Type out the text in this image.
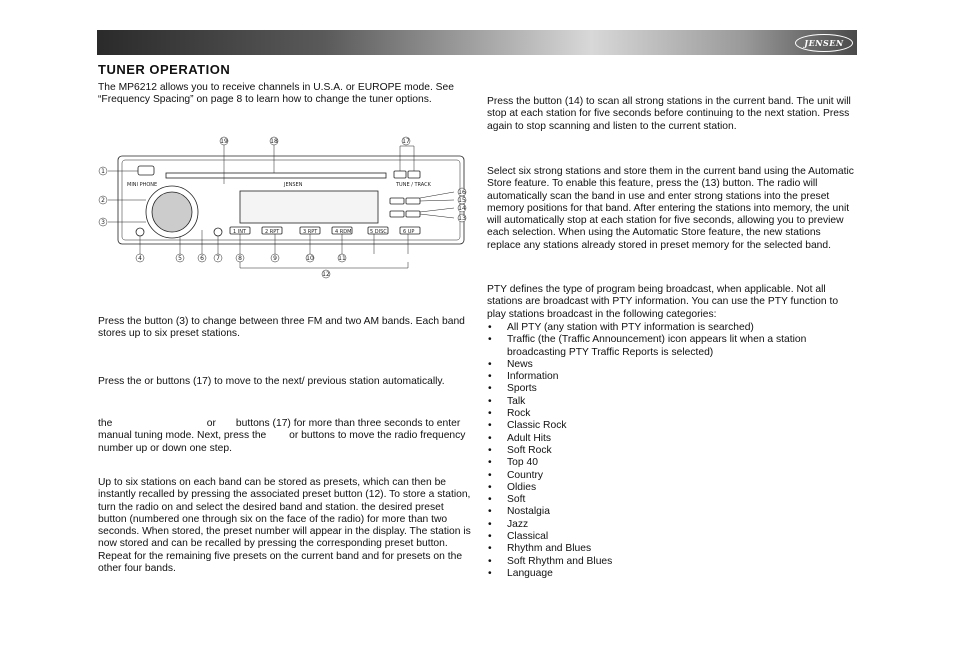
JENSEN
TUNER OPERATION

The MP6212 allows you to receive channels in U.S.A. or EUROPE mode. See “Frequency Spacing” on page 8 to learn how to change the tuner options.

MINI PHONE	TUNE / TRACK
JENSEN
1 INT	2 RPT	3 RPT	4 RDM	5 DISC	6 UP
1
2
3
4	5	6 7	8	9	10	11
12
13
14
15
16
17
18
19

Press the button (3) to change between three FM and two AM bands. Each band stores up to six preset stations.

Press the or buttons (17) to move to the next/ previous station automatically.

the                                 or       buttons (17) for more than three seconds to enter manual tuning mode. Next, press the        or buttons to move the radio frequency number up or down one step.

Up to six stations on each band can be stored as presets, which can then be instantly recalled by pressing the associated preset button (12). To store a station, turn the radio on and select the desired band and station. the desired preset button (numbered one through six on the face of the radio) for more than two seconds. When stored, the preset number will appear in the display. The station is now stored and can be recalled by pressing the corresponding preset button. Repeat for the remaining five presets on the current band and for presets on the other four bands.

Press the button (14) to scan all strong stations in the current band. The unit will stop at each station for five seconds before continuing to the next station. Press again to stop scanning and listen to the current station.

Select six strong stations and store them in the current band using the Automatic Store feature. To enable this feature, press the (13) button. The radio will automatically scan the band in use and enter strong stations into the preset memory positions for that band. After entering the stations into memory, the unit will automatically stop at each station for five seconds, allowing you to preview each selection. When using the Automatic Store feature, the new stations replace any stations already stored in preset memory for the selected band.

PTY defines the type of program being broadcast, when applicable. Not all stations are broadcast with PTY information. You can use the PTY function to play stations broadcast in the following categories:

• All PTY (any station with PTY information is searched)
• Traffic (the (Traffic Announcement) icon appears lit when a station broadcasting PTY Traffic Reports is selected)
• News
• Information
• Sports
• Talk
• Rock
• Classic Rock
• Adult Hits
• Soft Rock
• Top 40
• Country
• Oldies
• Soft
• Nostalgia
• Jazz
• Classical
• Rhythm and Blues
• Soft Rhythm and Blues
• Language
